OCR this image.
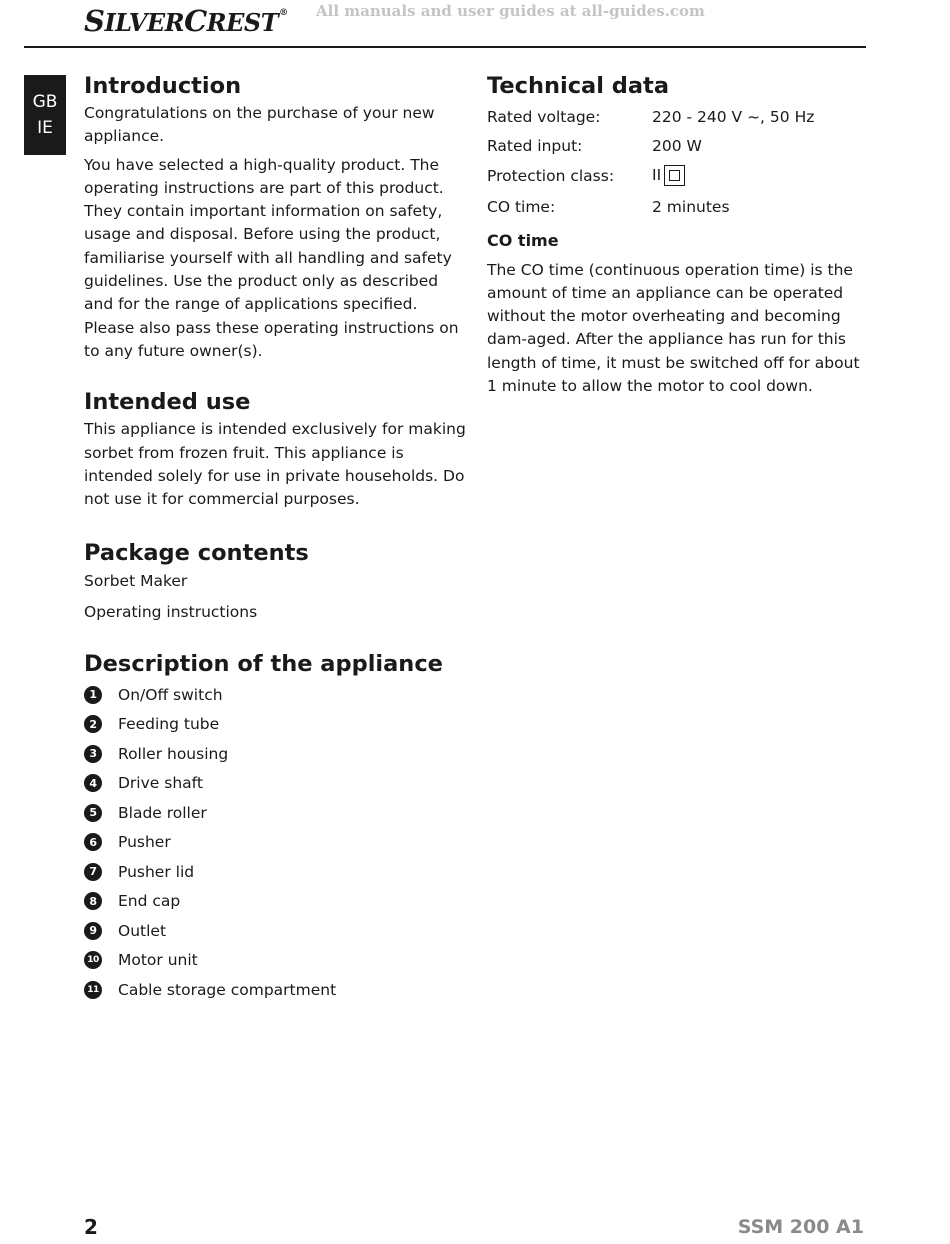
SILVERCREST® All manuals and user guides at all-guides.com
GB
IE
Introduction

Congratulations on the purchase of your new appliance.

You have selected a high-quality product. The operating instructions are part of this product. They contain important information on safety, usage and disposal. Before using the product, familiarise yourself with all handling and safety guidelines. Use the product only as described and for the range of applications specified. Please also pass these operating instructions on to any future owner(s).

Intended use

This appliance is intended exclusively for making sorbet from frozen fruit. This appliance is intended solely for use in private households. Do not use it for commercial purposes.

Package contents
Sorbet Maker
Operating instructions
Description of the appliance
1	On/Off switch
2	Feeding tube
3	Roller housing
4	Drive shaft
5	Blade roller
6	Pusher
7	Pusher lid
8	End cap
9	Outlet
10 Motor unit
11 Cable storage compartment
Technical data
Rated voltage:	220 - 240 V ~, 50 Hz
Rated input:	200 W
Protection class:	II
CO time:	2 minutes
CO time

The CO time (continuous operation time) is the amount of time an appliance can be operated without the motor overheating and becoming dam-aged. After the appliance has run for this length of time, it must be switched off for about 1 minute to allow the motor to cool down.

2	SSM 200 A1
